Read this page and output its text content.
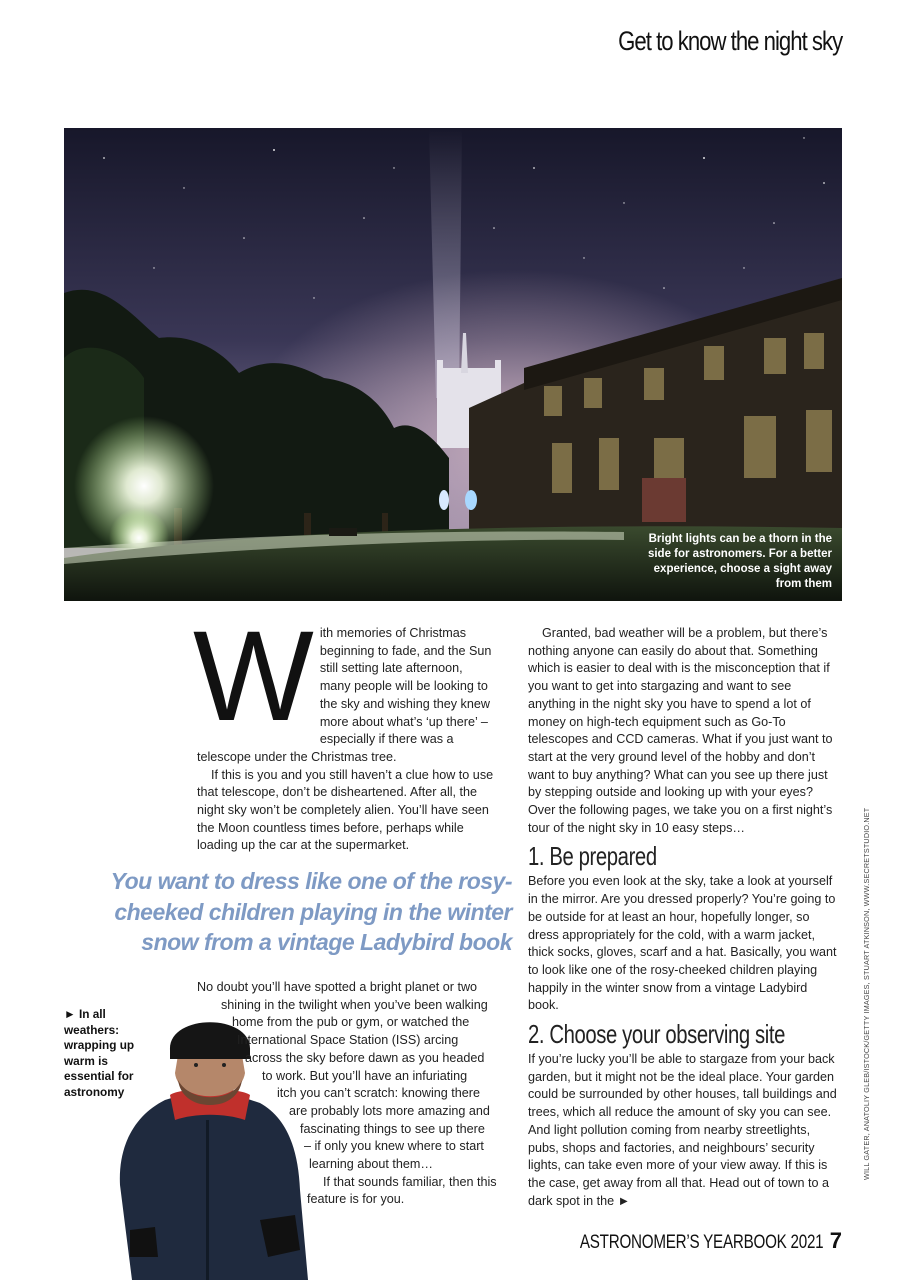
Get to know the night sky
Bright lights can be a thorn in the side for astronomers. For a better experience, choose a sight away from them
W ith memories of Christmas beginning to fade, and the Sun still setting late afternoon, many people will be looking to the sky and wishing they knew more about what’s ‘up there’ – especially if there was a telescope under the Christmas tree.

If this is you and you still haven’t a clue how to use that telescope, don’t be disheartened. After all, the night sky won’t be completely alien. You’ll have seen the Moon countless times before, perhaps while loading up the car at the supermarket.

You want to dress like one of the rosy-cheeked children playing in the winter snow from a vintage Ladybird book
► In all weathers: wrapping up warm is essential for astronomy
No doubt you’ll have spotted a bright planet or two
shining in the twilight when you’ve been walking
home from the pub or gym, or watched the
International Space Station (ISS) arcing
across the sky before dawn as you headed
to work. But you’ll have an infuriating
itch you can’t scratch: knowing there
are probably lots more amazing and
fascinating things to see up there
– if only you knew where to start
learning about them…
If that sounds familiar, then this
feature is for you.

Granted, bad weather will be a problem, but there’s nothing anyone can easily do about that. Something which is easier to deal with is the misconception that if you want to get into stargazing and want to see anything in the night sky you have to spend a lot of money on high-tech equipment such as Go-To telescopes and CCD cameras. What if you just want to start at the very ground level of the hobby and don’t want to buy anything? What can you see up there just by stepping outside and looking up with your eyes? Over the following pages, we take you on a first night’s tour of the night sky in 10 easy steps…

1. Be prepared

Before you even look at the sky, take a look at yourself in the mirror. Are you dressed properly? You’re going to be outside for at least an hour, hopefully longer, so dress appropriately for the cold, with a warm jacket, thick socks, gloves, scarf and a hat. Basically, you want to look like one of the rosy-cheeked children playing happily in the winter snow from a vintage Ladybird book.

2. Choose your observing site

If you’re lucky you’ll be able to stargaze from your back garden, but it might not be the ideal place. Your garden could be surrounded by other houses, tall buildings and trees, which all reduce the amount of sky you can see. And light pollution coming from nearby streetlights, pubs, shops and factories, and neighbours’ security lights, can take even more of your view away. If this is the case, get away from all that. Head out of town to a dark spot in the ►

WILL GATER, ANATOLIY GLEB/ISTOCK/GETTY IMAGES, STUART ATKINSON, WWW.SECRETSTUDIO.NET
ASTRONOMER’S YEARBOOK 2021 7
